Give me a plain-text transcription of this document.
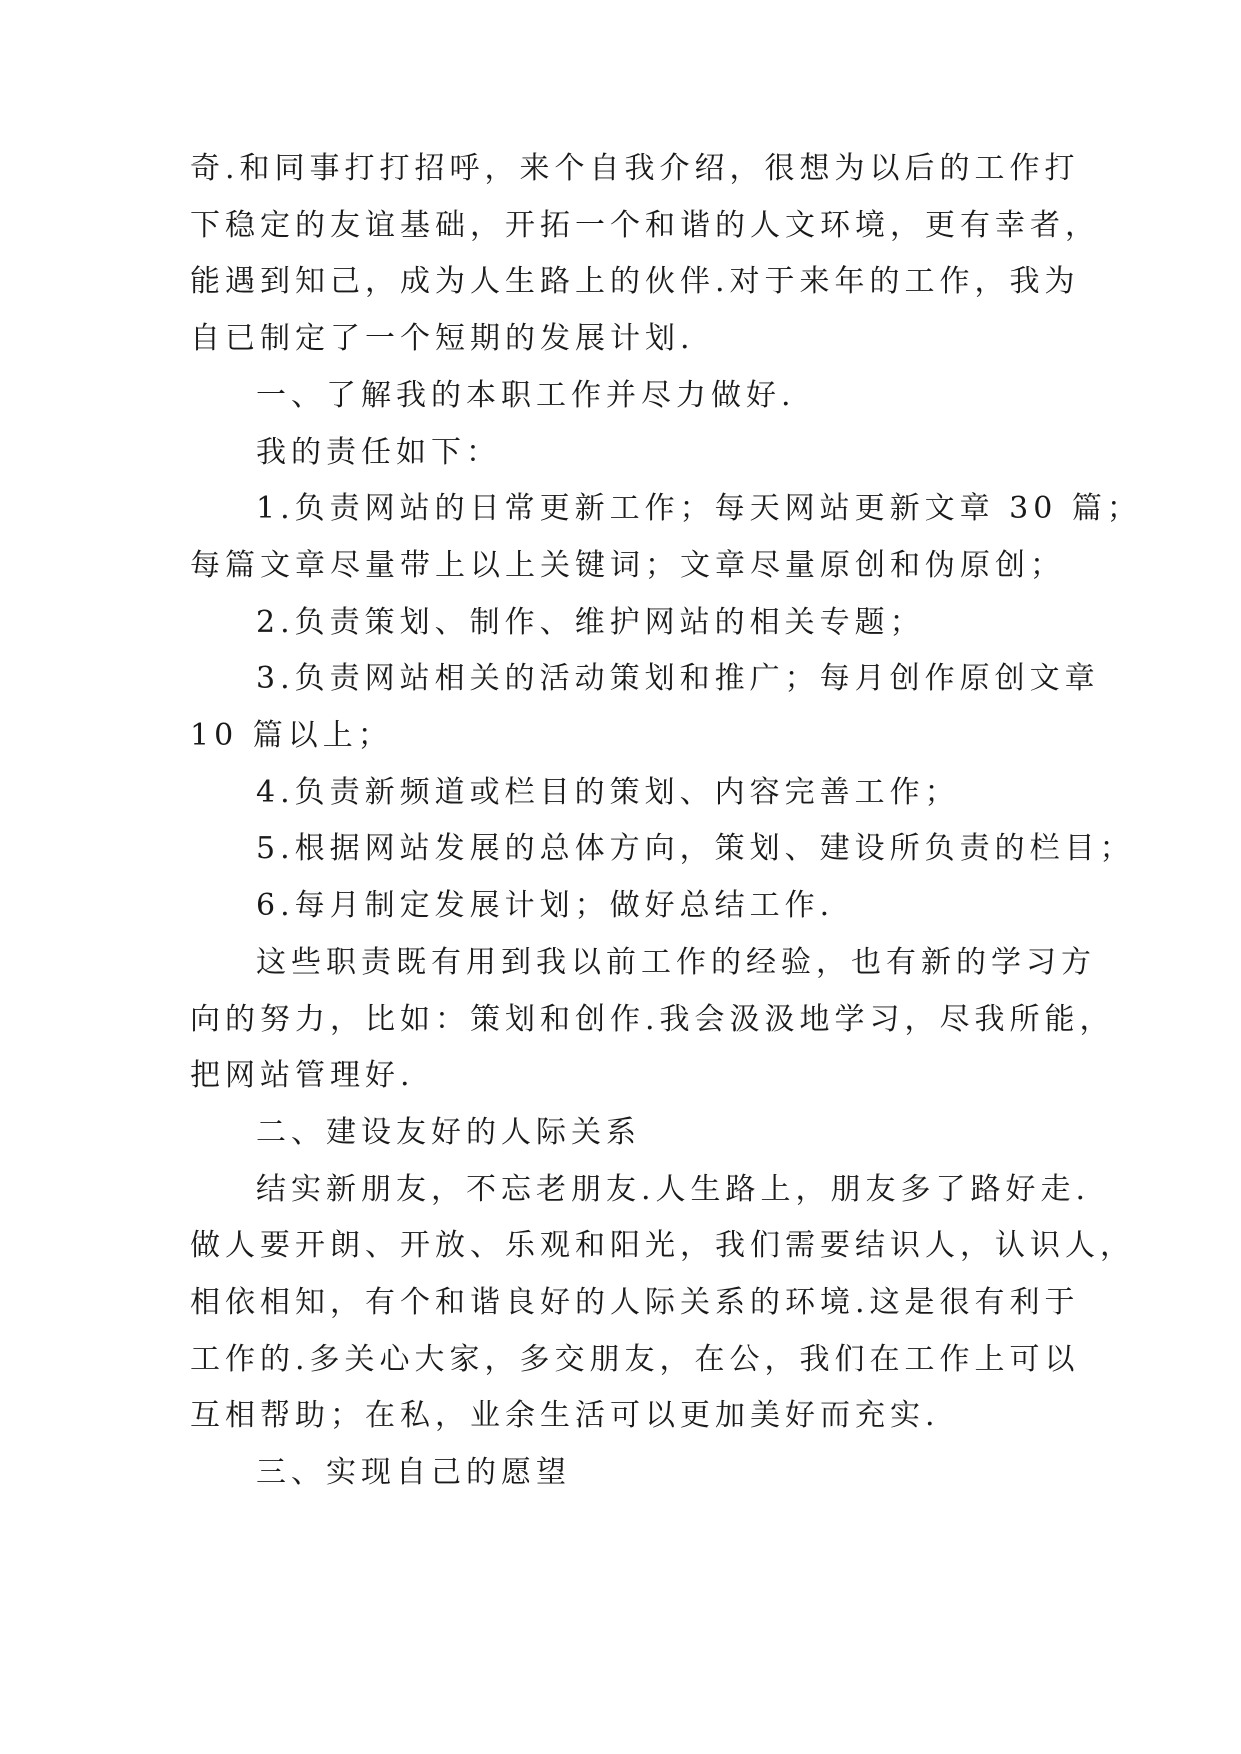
奇.和同事打打招呼，来个自我介绍，很想为以后的工作打
下稳定的友谊基础，开拓一个和谐的人文环境，更有幸者，
能遇到知己，成为人生路上的伙伴.对于来年的工作，我为
自已制定了一个短期的发展计划.
一、了解我的本职工作并尽力做好.
我的责任如下：
1.负责网站的日常更新工作；每天网站更新文章 30 篇；
每篇文章尽量带上以上关键词；文章尽量原创和伪原创；
2.负责策划、制作、维护网站的相关专题；
3.负责网站相关的活动策划和推广；每月创作原创文章
10 篇以上；
4.负责新频道或栏目的策划、内容完善工作；
5.根据网站发展的总体方向，策划、建设所负责的栏目；
6.每月制定发展计划；做好总结工作.
这些职责既有用到我以前工作的经验，也有新的学习方
向的努力，比如：策划和创作.我会汲汲地学习，尽我所能，
把网站管理好.
二、建设友好的人际关系
结实新朋友，不忘老朋友.人生路上，朋友多了路好走.
做人要开朗、开放、乐观和阳光，我们需要结识人，认识人，
相依相知，有个和谐良好的人际关系的环境.这是很有利于
工作的.多关心大家，多交朋友，在公，我们在工作上可以
互相帮助；在私，业余生活可以更加美好而充实.
三、实现自己的愿望
